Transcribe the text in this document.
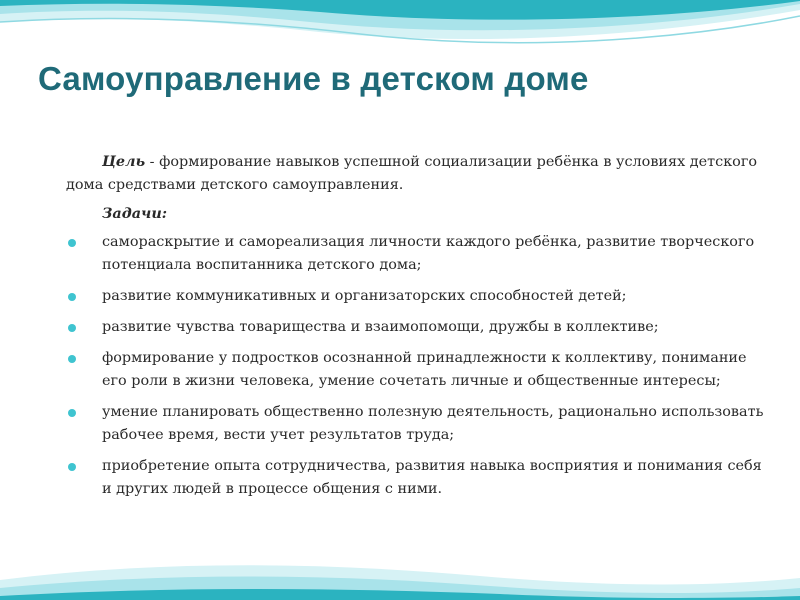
Самоуправление в детском доме

Цель - формирование навыков успешной социализации ребёнка в условиях детского дома средствами детского самоуправления.

Задачи:
самораскрытие и самореализация личности каждого ребёнка, развитие творческого потенциала воспитанника детского дома;
развитие коммуникативных и организаторских способностей детей;
развитие чувства товарищества и взаимопомощи, дружбы в коллективе;
формирование у подростков осознанной принадлежности к коллективу, понимание его роли в жизни человека, умение сочетать личные и общественные интересы;
умение планировать общественно полезную деятельность, рационально использовать рабочее время, вести учет результатов труда;
приобретение опыта сотрудничества, развития навыка восприятия и понимания себя и других людей в процессе общения с ними.
